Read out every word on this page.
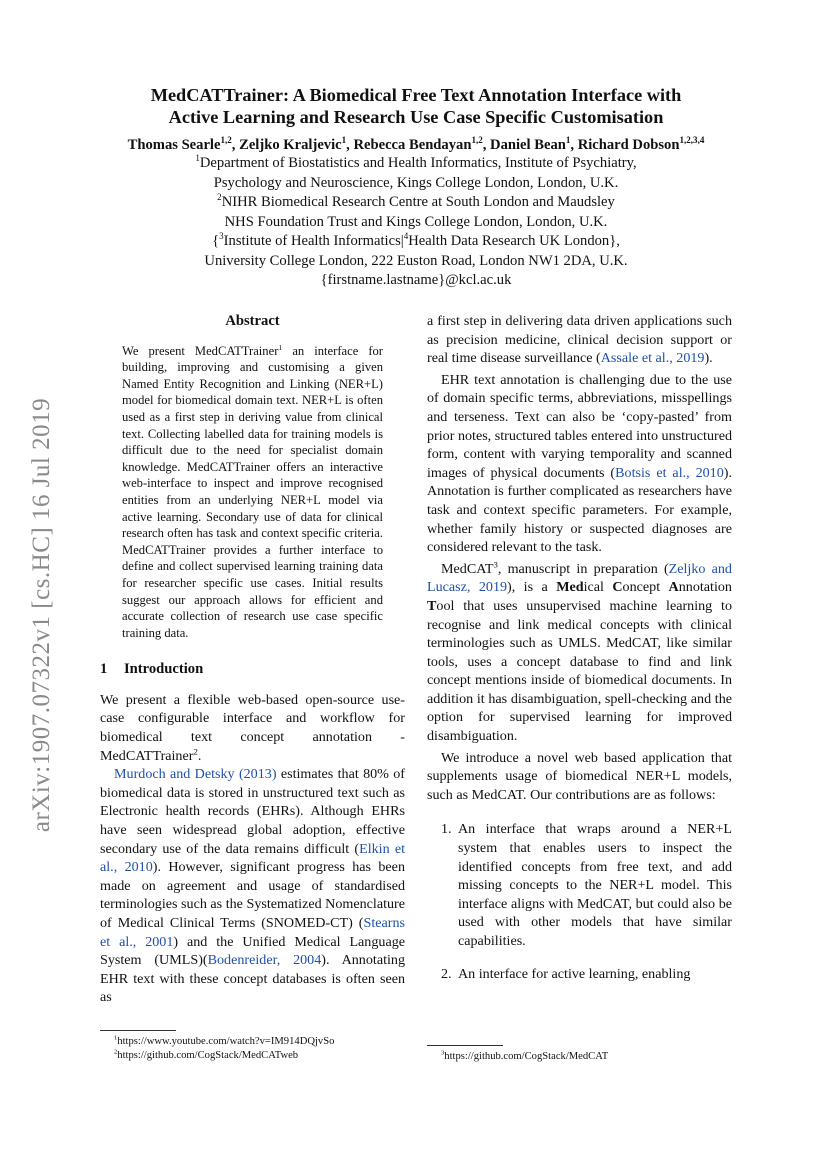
arXiv:1907.07322v1 [cs.HC] 16 Jul 2019
MedCATTrainer: A Biomedical Free Text Annotation Interface with
Active Learning and Research Use Case Specific Customisation
Thomas Searle$^{1,2}$, Zeljko Kraljevic$^1$, Rebecca Bendayan$^{1,2}$, Daniel Bean$^1$, Richard Dobson$^{1,2,3,4}$
$^1$Department of Biostatistics and Health Informatics, Institute of Psychiatry,
Psychology and Neuroscience, Kings College London, London, U.K.
$^2$NIHR Biomedical Research Centre at South London and Maudsley
NHS Foundation Trust and Kings College London, London, U.K.
{$^3$Institute of Health $Informatics|^4Health$ Data Research UK London},
University College London, 222 Euston Road, London NW1 2DA, U.K.
{firstname.lastname}@kcl.ac.uk
Abstract

We present MedCATTrainer$^1$ an interface for building, improving and customising a given Named Entity Recognition and Linking (NER+L) model for biomedical domain text. NER+L is often used as a first step in deriving value from clinical text. Collecting labelled data for training models is difficult due to the need for specialist domain knowledge. MedCATTrainer offers an interactive web-interface to inspect and improve recognised entities from an underlying NER+L model via active learning. Secondary use of data for clinical research often has task and context specific criteria. MedCATTrainer provides a further interface to define and collect supervised learning training data for researcher specific use cases. Initial results suggest our approach allows for efficient and accurate collection of research use case specific training data.

1 Introduction

We present a flexible web-based open-source use-case configurable interface and workflow for biomedical text concept annotation - MedCATTrainer$^2$.

Murdoch and Detsky (2013) estimates that 80% of biomedical data is stored in unstructured text such as Electronic health records (EHRs). Although EHRs have seen widespread global adoption, effective secondary use of the data remains difficult (Elkin et al., 2010). However, significant progress has been made on agreement and usage of standardised terminologies such as the Systematized Nomenclature of Medical Clinical Terms (SNOMED-CT) (Stearns et al., 2001) and the Unified Medical Language System (UMLS)(Bodenreider, 2004). Annotating EHR text with these concept databases is often seen as

a first step in delivering data driven applications such as precision medicine, clinical decision support or real time disease surveillance (Assale et al., 2019).

EHR text annotation is challenging due to the use of domain specific terms, abbreviations, misspellings and terseness. Text can also be ‘copy-pasted’ from prior notes, structured tables entered into unstructured form, content with varying temporality and scanned images of physical documents (Botsis et al., 2010). Annotation is further complicated as researchers have task and context specific parameters. For example, whether family history or suspected diagnoses are considered relevant to the task.

MedCAT$^3$, manuscript in preparation (Zeljko and Lucasz, 2019), is a Medical Concept Annotation Tool that uses unsupervised machine learning to recognise and link medical concepts with clinical terminologies such as UMLS. MedCAT, like similar tools, uses a concept database to find and link concept mentions inside of biomedical documents. In addition it has disambiguation, spell-checking and the option for supervised learning for improved disambiguation.

We introduce a novel web based application that supplements usage of biomedical NER+L models, such as MedCAT. Our contributions are as follows:

1. An interface that wraps around a NER+L system that enables users to inspect the identified concepts from free text, and add missing concepts to the NER+L model. This interface aligns with MedCAT, but could also be used with other models that have similar capabilities.
2. An interface for active learning, enabling
$^1$https://www.youtube.com/watch?v=IM914DQjvSo
$^2$https://github.com/CogStack/MedCATweb	$^3$https://github.com/CogStack/MedCAT
